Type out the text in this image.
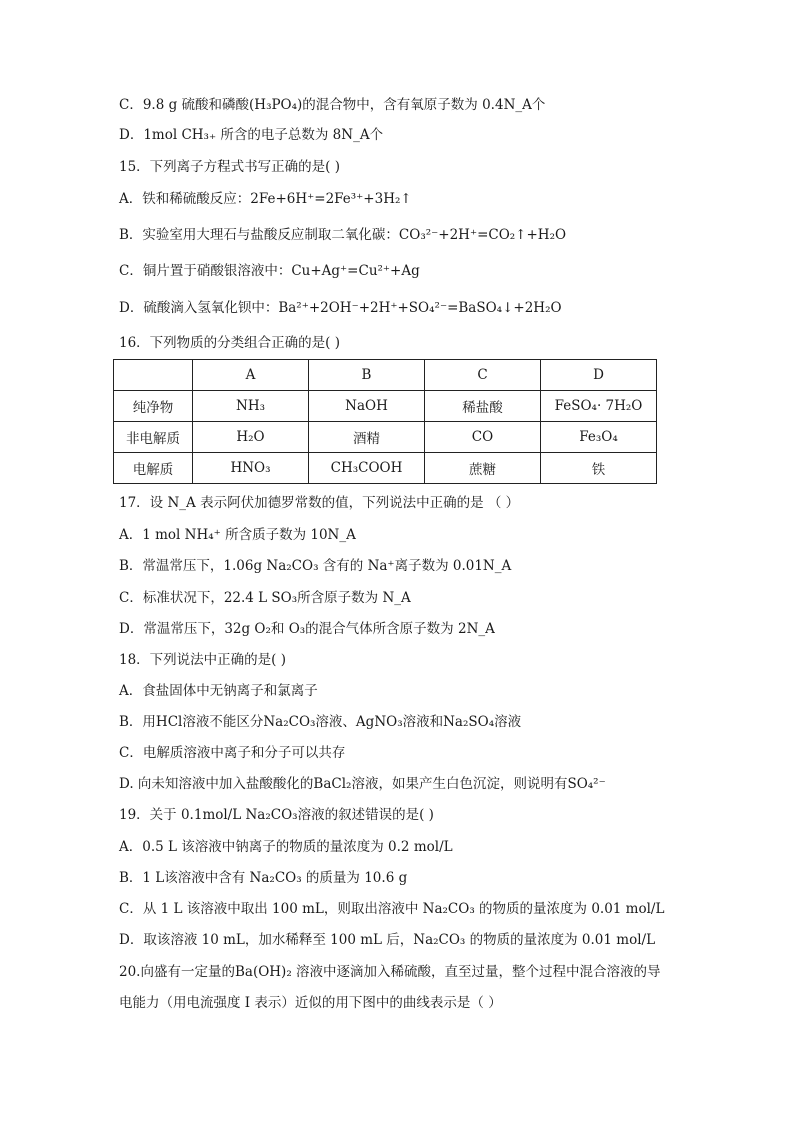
C．9.8 g 硫酸和磷酸(H₃PO₄)的混合物中，含有氧原子数为 0.4N_A个
D．1mol CH₃₊ 所含的电子总数为 8N_A个
15．下列离子方程式书写正确的是( )
A．铁和稀硫酸反应：2Fe+6H⁺=2Fe³⁺+3H₂↑
B．实验室用大理石与盐酸反应制取二氧化碳：CO₃²⁻+2H⁺=CO₂↑+H₂O
C．铜片置于硝酸银溶液中：Cu+Ag⁺=Cu²⁺+Ag
D．硫酸滴入氢氧化钡中：Ba²⁺+2OH⁻+2H⁺+SO₄²⁻=BaSO₄↓+2H₂O
16．下列物质的分类组合正确的是( )
	A	B	C	D
纯净物	NH₃	NaOH	稀盐酸	FeSO₄· 7H₂O
非电解质	H₂O	酒精	CO	Fe₃O₄
电解质	HNO₃	CH₃COOH	蔗糖	铁
17．设 N_A 表示阿伏加德罗常数的值，下列说法中正确的是 （ ）
A．1 mol NH₄⁺ 所含质子数为 10N_A
B．常温常压下，1.06g Na₂CO₃ 含有的 Na⁺离子数为 0.01N_A
C．标准状况下，22.4 L SO₃所含原子数为 N_A
D．常温常压下，32g O₂和 O₃的混合气体所含原子数为 2N_A
18．下列说法中正确的是( )
A．食盐固体中无钠离子和氯离子
B．用HCl溶液不能区分Na₂CO₃溶液、AgNO₃溶液和Na₂SO₄溶液
C．电解质溶液中离子和分子可以共存
D. 向未知溶液中加入盐酸酸化的BaCl₂溶液，如果产生白色沉淀，则说明有SO₄²⁻
19．关于 0.1mol/L Na₂CO₃溶液的叙述错误的是( )
A．0.5 L 该溶液中钠离子的物质的量浓度为 0.2 mol/L
B．1 L该溶液中含有 Na₂CO₃ 的质量为 10.6 g
C．从 1 L 该溶液中取出 100 mL，则取出溶液中 Na₂CO₃ 的物质的量浓度为 0.01 mol/L
D．取该溶液 10 mL，加水稀释至 100 mL 后，Na₂CO₃ 的物质的量浓度为 0.01 mol/L
20.向盛有一定量的Ba(OH)₂ 溶液中逐滴加入稀硫酸，直至过量，整个过程中混合溶液的导
电能力（用电流强度 I 表示）近似的用下图中的曲线表示是（ ）
